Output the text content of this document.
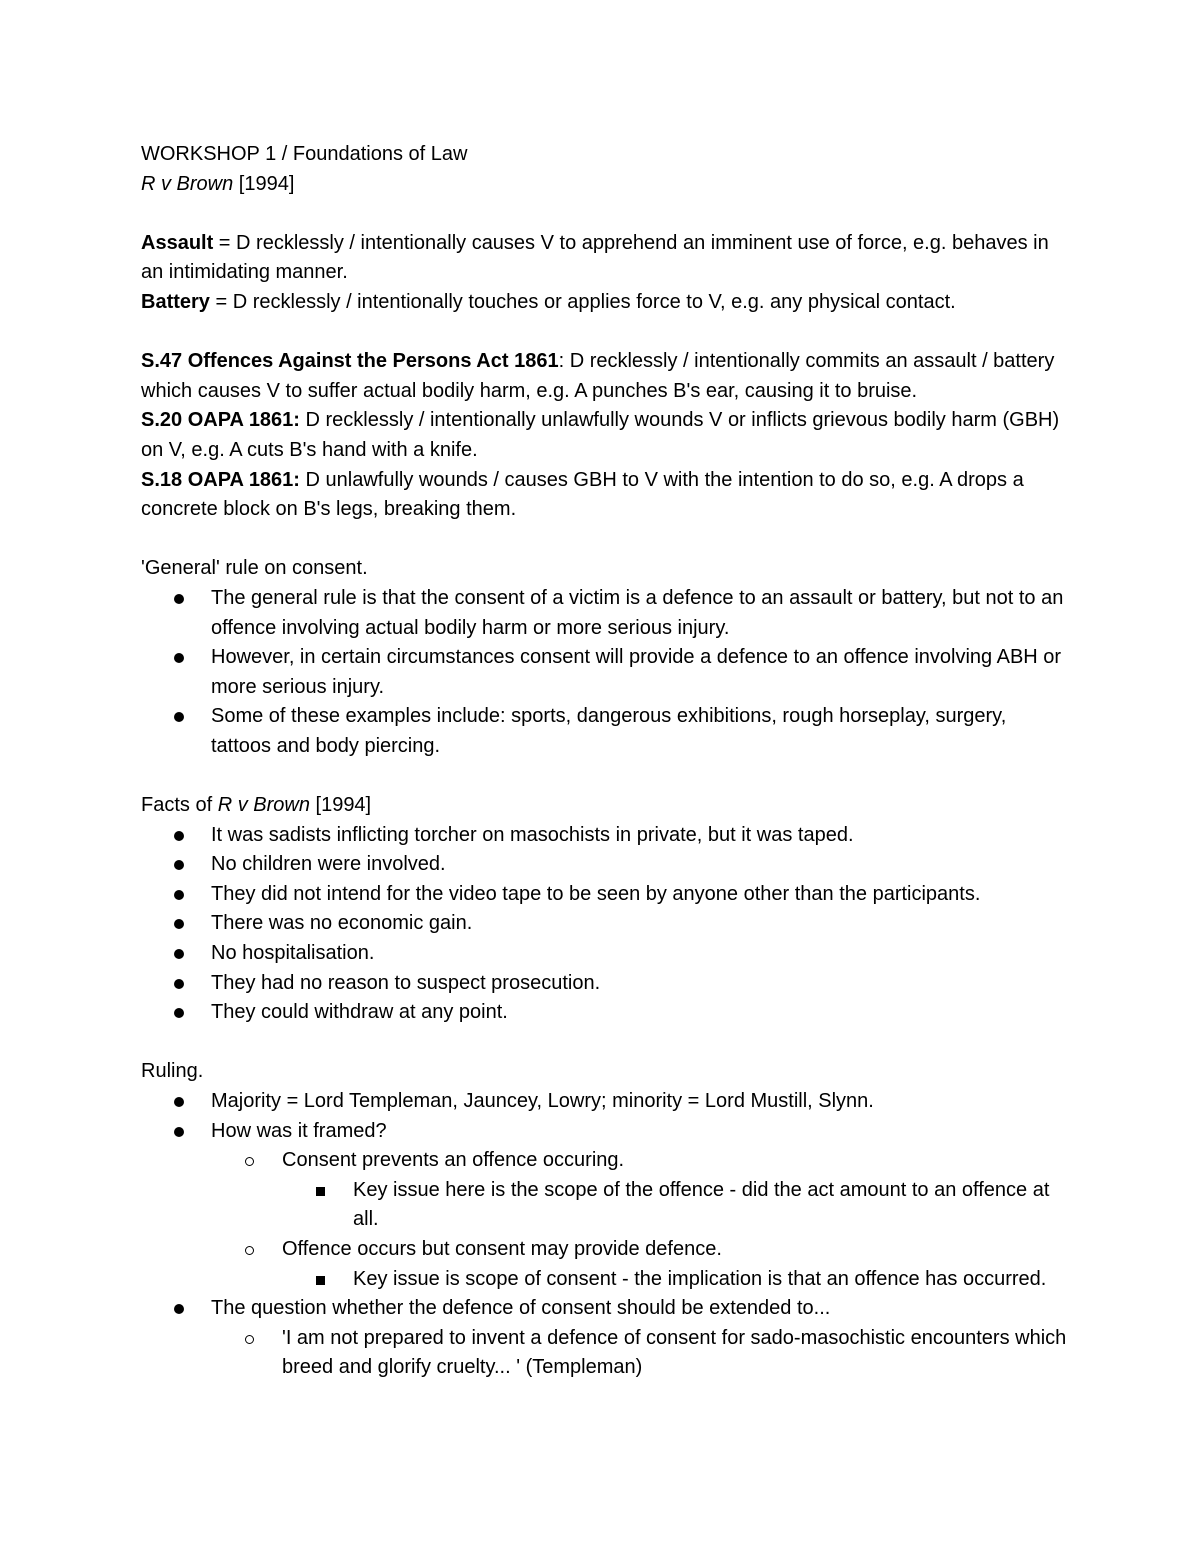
WORKSHOP 1 / Foundations of Law

R v Brown [1994]

Assault = D recklessly / intentionally causes V to apprehend an imminent use of force, e.g. behaves in an intimidating manner.

Battery = D recklessly / intentionally touches or applies force to V, e.g. any physical contact.

S.47 Offences Against the Persons Act 1861: D recklessly / intentionally commits an assault / battery which causes V to suffer actual bodily harm, e.g. A punches B's ear, causing it to bruise.

S.20 OAPA 1861: D recklessly / intentionally unlawfully wounds V or inflicts grievous bodily harm (GBH) on V, e.g. A cuts B's hand with a knife.

S.18 OAPA 1861: D unlawfully wounds / causes GBH to V with the intention to do so, e.g. A drops a concrete block on B's legs, breaking them.

'General' rule on consent.

The general rule is that the consent of a victim is a defence to an assault or battery, but not to an offence involving actual bodily harm or more serious injury.
However, in certain circumstances consent will provide a defence to an offence involving ABH or more serious injury.
Some of these examples include: sports, dangerous exhibitions, rough horseplay, surgery, tattoos and body piercing.

Facts of R v Brown [1994]

It was sadists inflicting torcher on masochists in private, but it was taped.
No children were involved.
They did not intend for the video tape to be seen by anyone other than the participants.
There was no economic gain.
No hospitalisation.
They had no reason to suspect prosecution.
They could withdraw at any point.

Ruling.

Majority = Lord Templeman, Jauncey, Lowry; minority = Lord Mustill, Slynn.
How was it framed?
Consent prevents an offence occuring.
Key issue here is the scope of the offence - did the act amount to an offence at all.
Offence occurs but consent may provide defence.
Key issue is scope of consent - the implication is that an offence has occurred.
The question whether the defence of consent should be extended to...
'I am not prepared to invent a defence of consent for sado-masochistic encounters which breed and glorify cruelty... ' (Templeman)
